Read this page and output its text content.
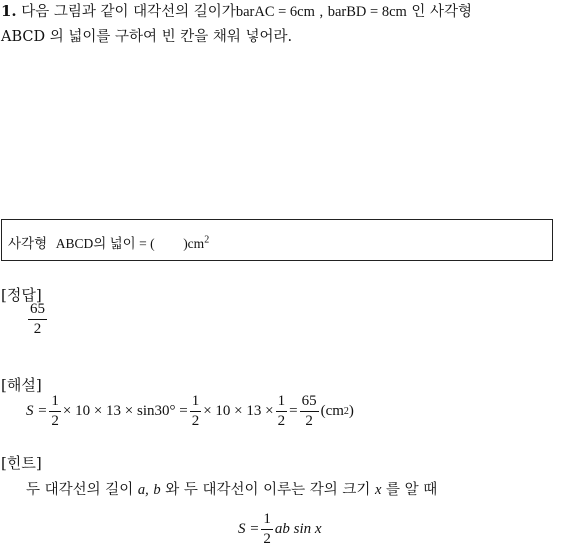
1. 다음 그림과 같이 대각선의 길이가barAC = 6cm , barBD = 8cm 인 사각형
ABCD 의 넓이를 구하여 빈 칸을 채워 넣어라.
사각형 ABCD의 넓이 = ( )$cm^2$
[정답]
$\frac{65}{2}$
[해설]
$S = \frac{1}{2} \times 10 \times 13 \times \sin 30^\circ = \frac{1}{2} \times 10 \times 13 \times \frac{1}{2} = \frac{65}{2} (cm$ 2 )
[힌트]
두 대각선의 길이 a, b 와 두 대각선이 이루는 각의 크기 x 를 알 때
$S = \frac{1}{2}$ ab sin x
